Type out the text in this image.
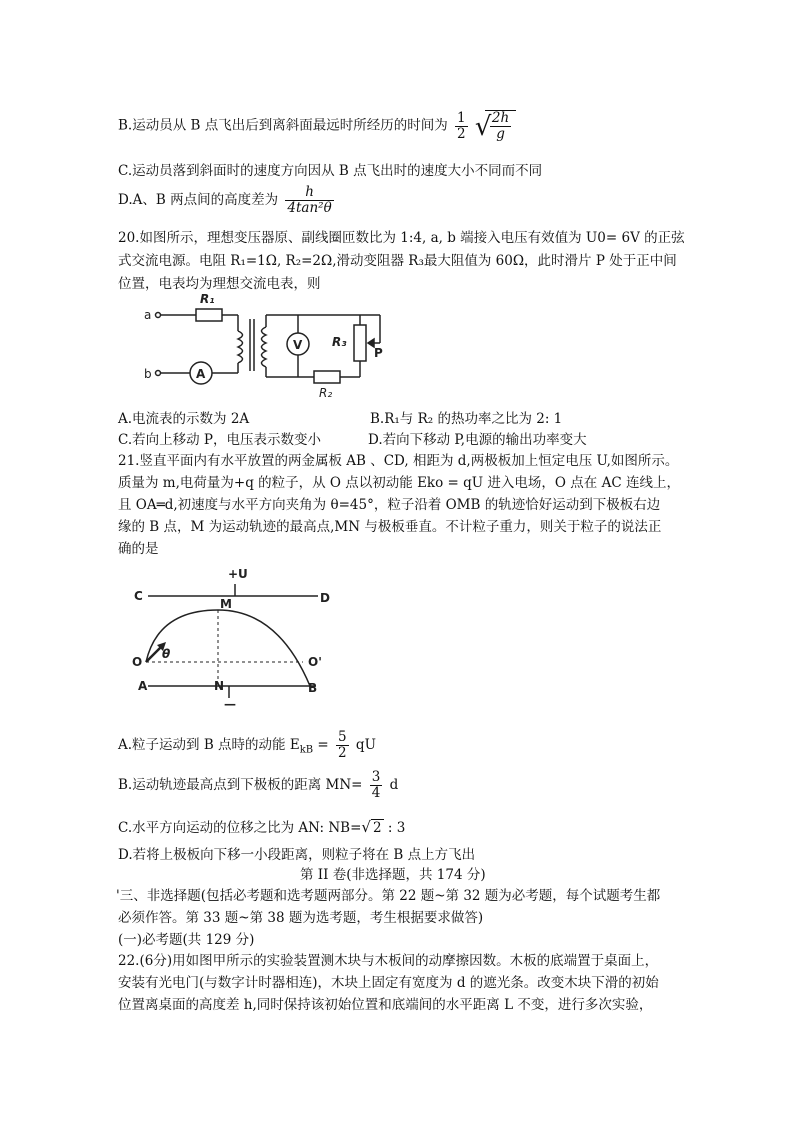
B.运动员从 B 点飞出后到离斜面最远时所经历的时间为 $\frac{1}{2}$
√
$\frac{2h}{g}$
C.运动员落到斜面时的速度方向因从 B 点飞出时的速度大小不同而不同
D.A、B 两点间的高度差为 $\frac{h}{\text{4tan²θ}}$
20.如图所示，理想变压器原、副线圈匝数比为 1:4, a, b 端接入电压有效值为 U0= 6V 的正弦
式交流电源。电阻 R₁=1Ω, R₂=2Ω,滑动变阻器 R₃最大阻值为 60Ω，此时滑片 P 处于正中间
位置，电表均为理想交流电表，则
a
b
R₁
R₂
R₃
P
A
V
A.电流表的示数为 2A	B.R₁与 R₂ 的热功率之比为 2: 1
C.若向上移动 P，电压表示数变小	D.若向下移动 P,电源的输出功率变大
21.竖直平面内有水平放置的两金属板 AB 、CD, 相距为 d,两极板加上恒定电压 U,如图所示。
质量为 m,电荷量为+q 的粒子，从 O 点以初动能 Eko = qU 进入电场，O 点在 AC 连线上，
且 OA═d,初速度与水平方向夹角为 θ=45°，粒子沿着 OMB 的轨迹恰好运动到下极板右边
缘的 B 点，M 为运动轨迹的最高点,MN 与极板垂直。不计粒子重力，则关于粒子的说法正
确的是
+U
C	D
M
O	O'
θ
A	N	B
—
A.粒子运动到 B 点時的动能 $E_{kB} = \frac{5}{2}$ qU
B.运动轨迹最高点到下极板的距离 $MN= \frac{3}{4}$ d
C.水平方向运动的位移之比为 AN: NB=√ 2 : 3
D.若将上极板向下移一小段距离，则粒子将在 B 点上方飞出
第 II 卷(非选择题，共 174 分)
'三、非选择题(包括必考题和选考题两部分。第 22 题~第 32 题为必考题，每个试题考生都
必须作答。第 33 题~第 38 题为选考题，考生根据要求做答)
(一)必考题(共 129 分)
22.(6分)用如图甲所示的实验装置测木块与木板间的动摩擦因数。木板的底端置于桌面上，
安装有光电门(与数字计时器相连)，木块上固定有宽度为 d 的遮光条。改变木块下滑的初始
位置离桌面的高度差 h,同时保持该初始位置和底端间的水平距离 L 不变，进行多次实验，
